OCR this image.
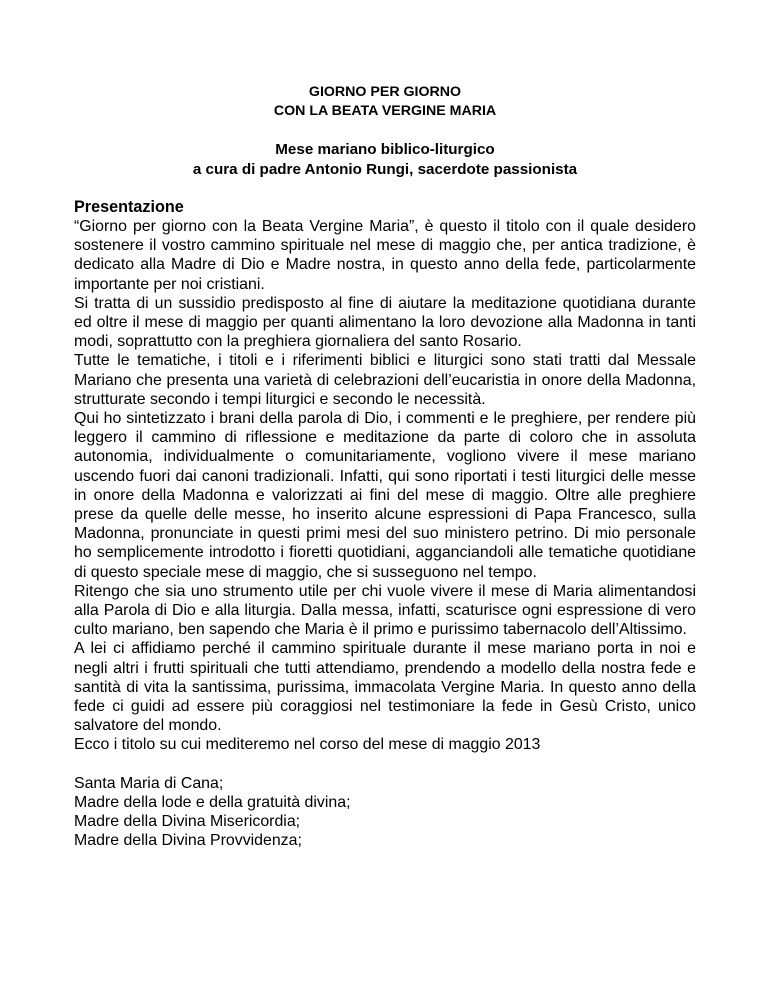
GIORNO PER GIORNO
CON LA BEATA VERGINE MARIA
Mese mariano biblico-liturgico
a cura di padre Antonio Rungi, sacerdote passionista
Presentazione

“Giorno per giorno con la Beata Vergine Maria”, è questo il titolo con il quale desidero sostenere il vostro cammino spirituale nel mese di maggio che, per antica tradizione, è dedicato alla Madre di Dio e Madre nostra, in questo anno della fede, particolarmente importante per noi cristiani.

Si tratta di un sussidio predisposto al fine di aiutare la meditazione quotidiana durante ed oltre il mese di maggio per quanti alimentano la loro devozione alla Madonna in tanti modi, soprattutto con la preghiera giornaliera del santo Rosario.

Tutte le tematiche, i titoli e i riferimenti biblici e liturgici sono stati tratti dal Messale Mariano che presenta una varietà di celebrazioni dell’eucaristia in onore della Madonna, strutturate secondo i tempi liturgici e secondo le necessità.

Qui ho sintetizzato i brani della parola di Dio, i commenti e le preghiere, per rendere più leggero il cammino di riflessione e meditazione da parte di coloro che in assoluta autonomia, individualmente o comunitariamente, vogliono vivere il mese mariano uscendo fuori dai canoni tradizionali. Infatti, qui sono riportati i testi liturgici delle messe in onore della Madonna e valorizzati ai fini del mese di maggio. Oltre alle preghiere prese da quelle delle messe, ho inserito alcune espressioni di Papa Francesco, sulla Madonna, pronunciate in questi primi mesi del suo ministero petrino. Di mio personale ho semplicemente introdotto i fioretti quotidiani, agganciandoli alle tematiche quotidiane di questo speciale mese di maggio, che si susseguono nel tempo.

Ritengo che sia uno strumento utile per chi vuole vivere il mese di Maria alimentandosi alla Parola di Dio e alla liturgia. Dalla messa, infatti, scaturisce ogni espressione di vero culto mariano, ben sapendo che Maria è il primo e purissimo tabernacolo dell’Altissimo.

A lei ci affidiamo perché il cammino spirituale durante il mese mariano porta in noi e negli altri i frutti spirituali che tutti attendiamo, prendendo a modello della nostra fede e santità di vita la santissima, purissima, immacolata Vergine Maria. In questo anno della fede ci guidi ad essere più coraggiosi nel testimoniare la fede in Gesù Cristo, unico salvatore del mondo.

Ecco i titolo su cui mediteremo nel corso del mese di maggio 2013

Santa Maria di Cana;
Madre della lode e della gratuità divina;
Madre della Divina Misericordia;
Madre della Divina Provvidenza;
